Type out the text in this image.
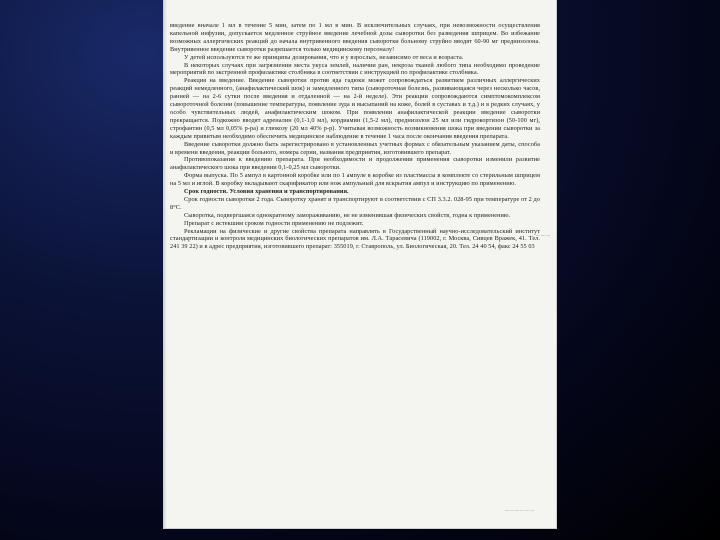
введение вначале 1 мл в течение 5 мин, затем по 1 мл в мин. В исключительных случаях, при невозможности осуществления капельной инфузии, допускается медленное струйное введение лечебной дозы сыворотки без разведения шприцем. Во избежание возможных аллергических реакций до начала внутривенного введения сыворотки больному струйно вводят 60-90 мг преднизолона. Внутривенное введение сыворотки разрешается только медицинскому персоналу!

У детей используются те же принципы дозирования, что и у взрослых, независимо от веса и возраста.

В некоторых случаях при загрязнении места укуса землей, наличии ран, некроза тканей любого типа необходимо проведение мероприятий по экстренной профилактике столбняка в соответствии с инструкцией по профилактике столбняка.

Реакция на введение. Введение сыворотки против яда гадюки может сопровождаться развитием различных аллергических реакций немедленного, (анафилактический шок) и замедленного типа (сывороточная болезнь, развивающаяся через несколько часов, ранней — на 2-6 сутки после введения и отдаленной — на 2-й неделе). Эти реакции сопровождаются симптомокомплексом сывороточной болезни (повышение температуры, появление зуда и высыпаний на коже, болей в суставах и т.д.) и в редких случаях, у особо чувствительных людей, анафилактическим шоком. При появлении анафилактической реакции введение сыворотки прекращается. Подкожно вводят адреналин (0,1-1,0 мл), кордиамин (1,5-2 мл), преднизолон 25 мл или гидрокортизон (50-100 мг), строфантин (0,5 мл 0,05% р-ра) и глюкозу (20 мл 40% р-р). Учитывая возможность возникновения шока при введении сыворотки за каждым привитым необходимо обеспечить медицинское наблюдение в течение 1 часа после окончания введения препарата.

Введение сыворотки должно быть зарегистрировано в установленных учетных формах с обязательным указанием даты, способа и времени введения, реакции больного, номера серии, названия предприятия, изготовившего препарат.

Противопоказания к введению препарата. При необходимости и продолжении применения сыворотки изменили развитие анафилактического шока при введении 0,1-0,25 мл сыворотки.

Форма выпуска. По 5 ампул в картонной коробке или по 1 ампуле в коробке из пластмассы в комплекте со стерильным шприцем на 5 мл и иглой. В коробку вкладывают скарификатор или нож ампульный для вскрытия ампул и инструкцию по применению.

Срок годности. Условия хранения и транспортирования.

Срок годности сыворотки 2 года. Сыворотку хранят и транспортируют в соответствии с СП 3.3.2. 028-95 при температуре от 2 до 8°С.

Сыворотка, подвергшаяся однократному замораживанию, не не изменившая физических свойств, годна к применению.

Препарат с истекшим сроком годности применению не подлежит.

Рекламации на физические и другие свойства препарата направлять в Государственный научно-исследовательский институт стандартизации и контроля медицинских биологических препаратов им. Л.А. Тарасевича (119002, г. Москва, Сивцев Вражек, 41. Тел. 241 39 22) и в адрес предприятия, изготовившего препарат: 355019, г. Ставрополь, ул. Биологическая, 20. Тел. 24 40 54, факс 24 55 03

— — —
— — — — — —
